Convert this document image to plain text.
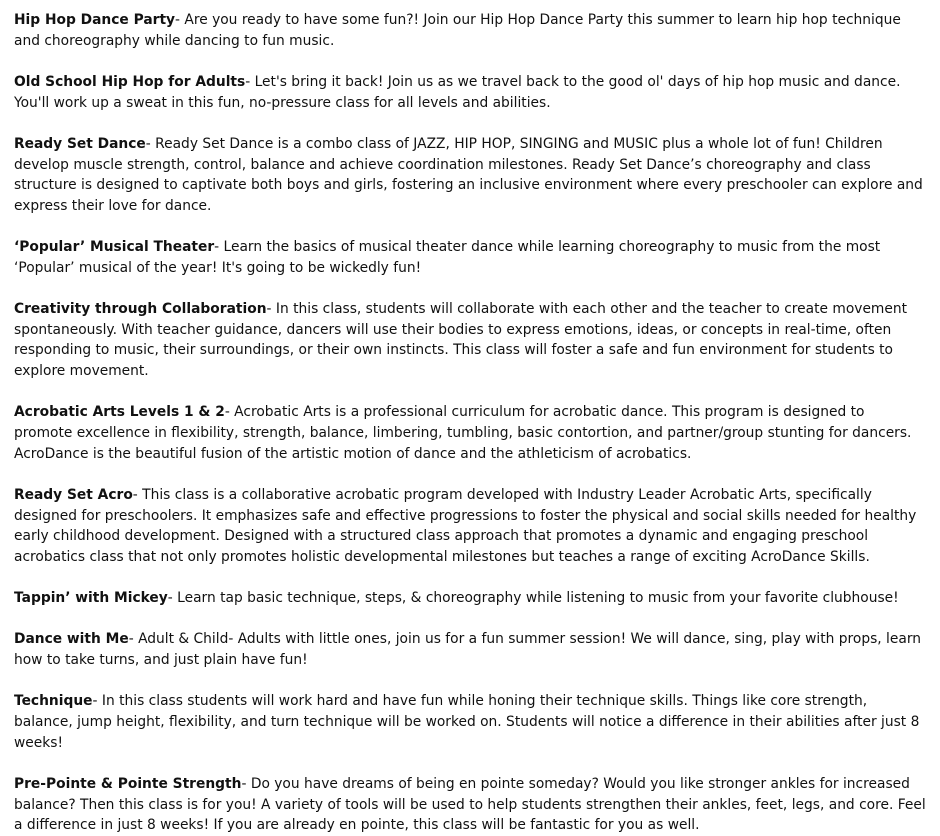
Hip Hop Dance Party- Are you ready to have some fun?! Join our Hip Hop Dance Party this summer to learn hip hop technique and choreography while dancing to fun music.

Old School Hip Hop for Adults- Let's bring it back! Join us as we travel back to the good ol' days of hip hop music and dance. You'll work up a sweat in this fun, no-pressure class for all levels and abilities.

Ready Set Dance- Ready Set Dance is a combo class of JAZZ, HIP HOP, SINGING and MUSIC plus a whole lot of fun! Children develop muscle strength, control, balance and achieve coordination milestones. Ready Set Dance’s choreography and class structure is designed to captivate both boys and girls, fostering an inclusive environment where every preschooler can explore and express their love for dance.

‘Popular’ Musical Theater- Learn the basics of musical theater dance while learning choreography to music from the most ‘Popular’ musical of the year! It's going to be wickedly fun!

Creativity through Collaboration- In this class, students will collaborate with each other and the teacher to create movement spontaneously. With teacher guidance, dancers will use their bodies to express emotions, ideas, or concepts in real-time, often responding to music, their surroundings, or their own instincts. This class will foster a safe and fun environment for students to explore movement.

Acrobatic Arts Levels 1 & 2- Acrobatic Arts is a professional curriculum for acrobatic dance. This program is designed to promote excellence in flexibility, strength, balance, limbering, tumbling, basic contortion, and partner/group stunting for dancers. AcroDance is the beautiful fusion of the artistic motion of dance and the athleticism of acrobatics.

Ready Set Acro- This class is a collaborative acrobatic program developed with Industry Leader Acrobatic Arts, specifically designed for preschoolers. It emphasizes safe and effective progressions to foster the physical and social skills needed for healthy early childhood development. Designed with a structured class approach that promotes a dynamic and engaging preschool acrobatics class that not only promotes holistic developmental milestones but teaches a range of exciting AcroDance Skills.

Tappin’ with Mickey- Learn tap basic technique, steps, & choreography while listening to music from your favorite clubhouse!

Dance with Me- Adult & Child- Adults with little ones, join us for a fun summer session! We will dance, sing, play with props, learn how to take turns, and just plain have fun!

Technique- In this class students will work hard and have fun while honing their technique skills. Things like core strength, balance, jump height, flexibility, and turn technique will be worked on. Students will notice a difference in their abilities after just 8 weeks!

Pre-Pointe & Pointe Strength- Do you have dreams of being en pointe someday? Would you like stronger ankles for increased balance? Then this class is for you! A variety of tools will be used to help students strengthen their ankles, feet, legs, and core. Feel a difference in just 8 weeks! If you are already en pointe, this class will be fantastic for you as well.
